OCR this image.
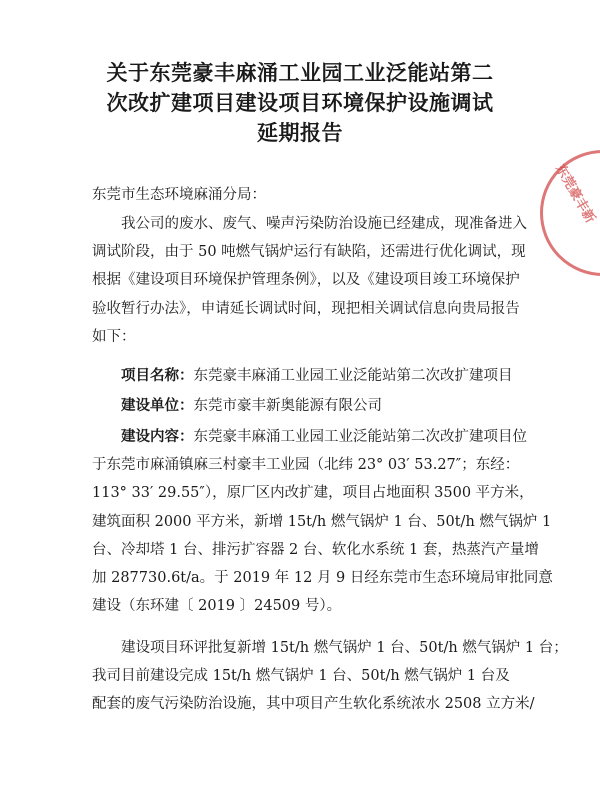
关于东莞豪丰麻涌工业园工业泛能站第二
次改扩建项目建设项目环境保护设施调试
延期报告
东莞市生态环境麻涌分局：
我公司的废水、废气、噪声污染防治设施已经建成，现准备进入
调试阶段，由于 50 吨燃气锅炉运行有缺陷，还需进行优化调试，现
根据《建设项目环境保护管理条例》，以及《建设项目竣工环境保护
验收暂行办法》，申请延长调试时间，现把相关调试信息向贵局报告
如下：
项目名称：东莞豪丰麻涌工业园工业泛能站第二次改扩建项目
建设单位：东莞市豪丰新奥能源有限公司
建设内容：东莞豪丰麻涌工业园工业泛能站第二次改扩建项目位
于东莞市麻涌镇麻三村豪丰工业园（北纬 23° 03′ 53.27″；东经：
113° 33′ 29.55″），原厂区内改扩建，项目占地面积 3500 平方米，
建筑面积 2000 平方米，新增 15t/h 燃气锅炉 1 台、50t/h 燃气锅炉 1
台、冷却塔 1 台、排污扩容器 2 台、软化水系统 1 套，热蒸汽产量增
加 287730.6t/a。于 2019 年 12 月 9 日经东莞市生态环境局审批同意
建设（东环建〔 2019 〕24509 号）。
建设项目环评批复新增 15t/h 燃气锅炉 1 台、50t/h 燃气锅炉 1 台；
我司目前建设完成 15t/h 燃气锅炉 1 台、50t/h 燃气锅炉 1 台及
配套的废气污染防治设施，其中项目产生软化系统浓水 2508 立方米/
东莞豪丰新
